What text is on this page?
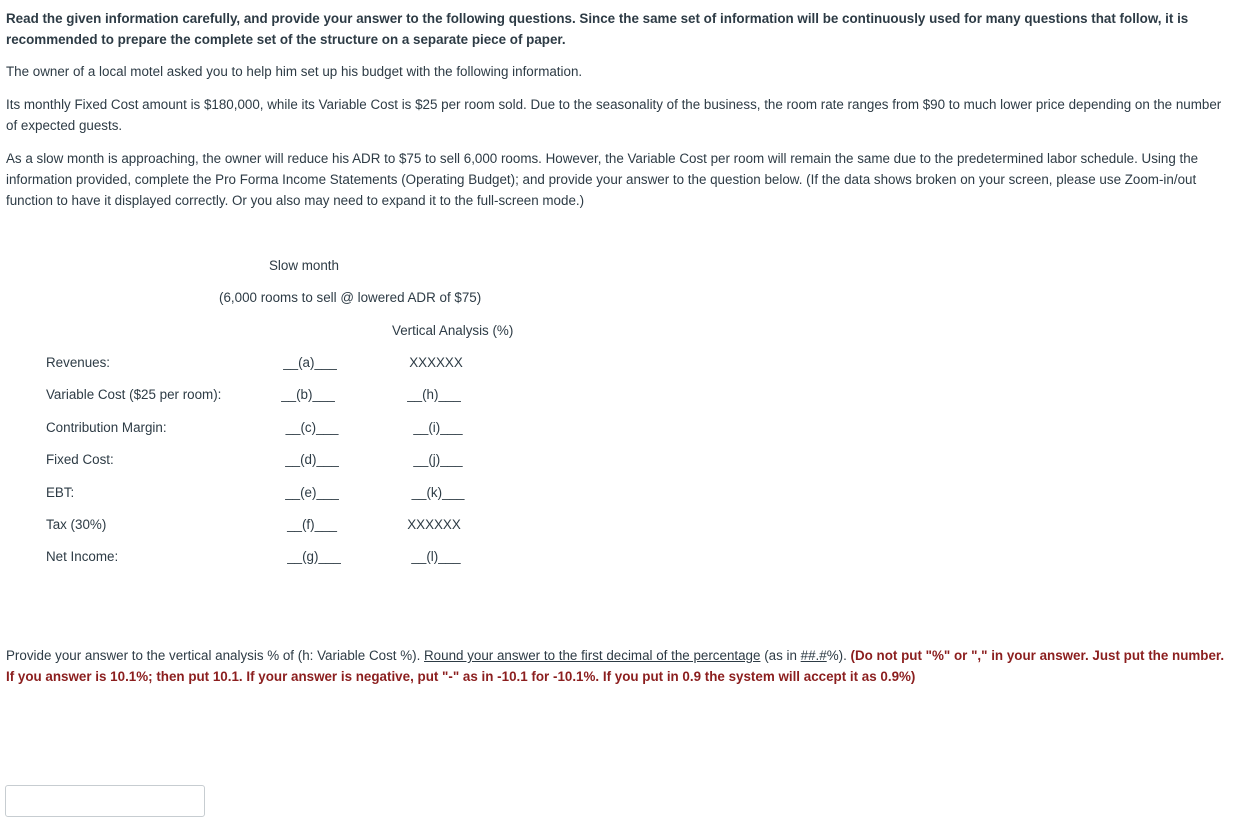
Read the given information carefully, and provide your answer to the following questions. Since the same set of information will be continuously used for many questions that follow, it is recommended to prepare the complete set of the structure on a separate piece of paper.
The owner of a local motel asked you to help him set up his budget with the following information.
Its monthly Fixed Cost amount is $180,000, while its Variable Cost is $25 per room sold. Due to the seasonality of the business, the room rate ranges from $90 to much lower price depending on the number of expected guests.
As a slow month is approaching, the owner will reduce his ADR to $75 to sell 6,000 rooms. However, the Variable Cost per room will remain the same due to the predetermined labor schedule. Using the information provided, complete the Pro Forma Income Statements (Operating Budget); and provide your answer to the question below. (If the data shows broken on your screen, please use Zoom-in/out function to have it displayed correctly. Or you also may need to expand it to the full-screen mode.)
Slow month
(6,000 rooms to sell @ lowered ADR of $75)
Vertical Analysis (%)
Revenues:	__(a)___	XXXXXX
Variable Cost ($25 per room):	__(b)___	__(h)___
Contribution Margin:	__(c)___	__(i)___
Fixed Cost:	__(d)___	__(j)___
EBT:	__(e)___	__(k)___
Tax (30%)	__(f)___	XXXXXX
Net Income:	__(g)___	__(l)___
Provide your answer to the vertical analysis % of (h: Variable Cost %). Round your answer to the first decimal of the percentage (as in ##.#%). (Do not put "%" or "," in your answer. Just put the number. If you answer is 10.1%; then put 10.1. If your answer is negative, put "-" as in -10.1 for -10.1%. If you put in 0.9 the system will accept it as 0.9%)
